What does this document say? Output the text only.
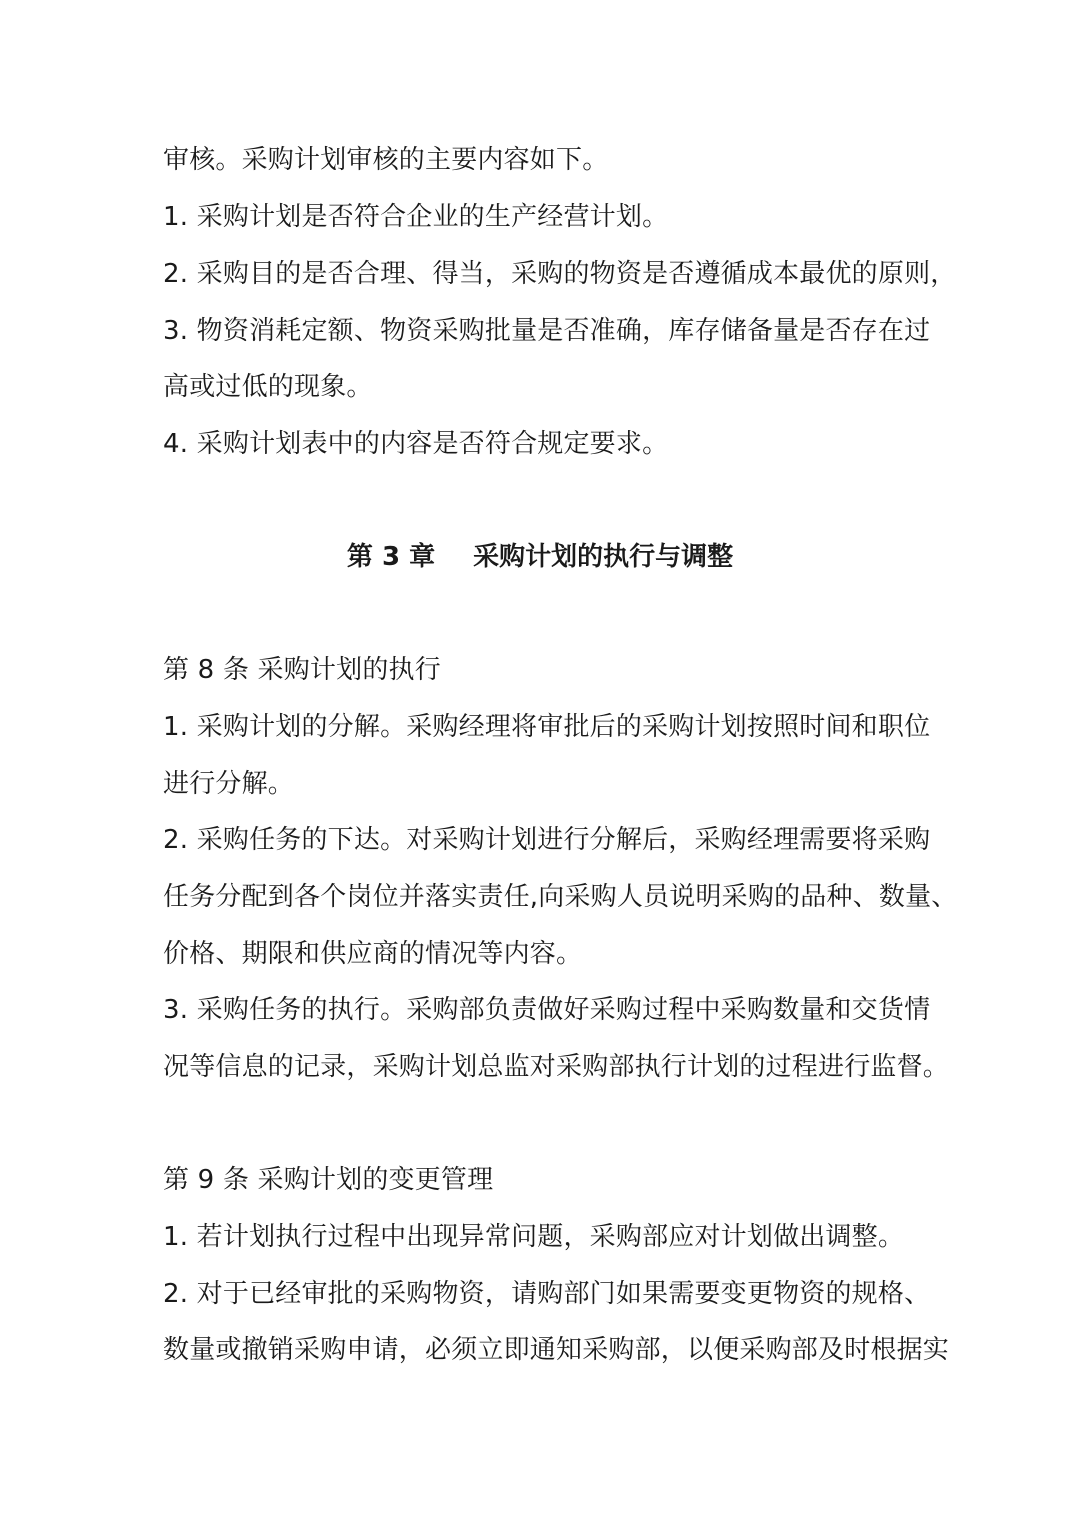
审核。采购计划审核的主要内容如下。
1. 采购计划是否符合企业的生产经营计划。
2. 采购目的是否合理、得当，采购的物资是否遵循成本最优的原则，
3. 物资消耗定额、物资采购批量是否准确，库存储备量是否存在过
高或过低的现象。
4. 采购计划表中的内容是否符合规定要求。
第 3 章 采购计划的执行与调整
第 8 条 采购计划的执行
1. 采购计划的分解。采购经理将审批后的采购计划按照时间和职位
进行分解。
2. 采购任务的下达。对采购计划进行分解后，采购经理需要将采购
任务分配到各个岗位并落实责任,向采购人员说明采购的品种、数量、
价格、期限和供应商的情况等内容。
3. 采购任务的执行。采购部负责做好采购过程中采购数量和交货情
况等信息的记录，采购计划总监对采购部执行计划的过程进行监督。
第 9 条 采购计划的变更管理
1. 若计划执行过程中出现异常问题，采购部应对计划做出调整。
2. 对于已经审批的采购物资，请购部门如果需要变更物资的规格、
数量或撤销采购申请，必须立即通知采购部，以便采购部及时根据实
